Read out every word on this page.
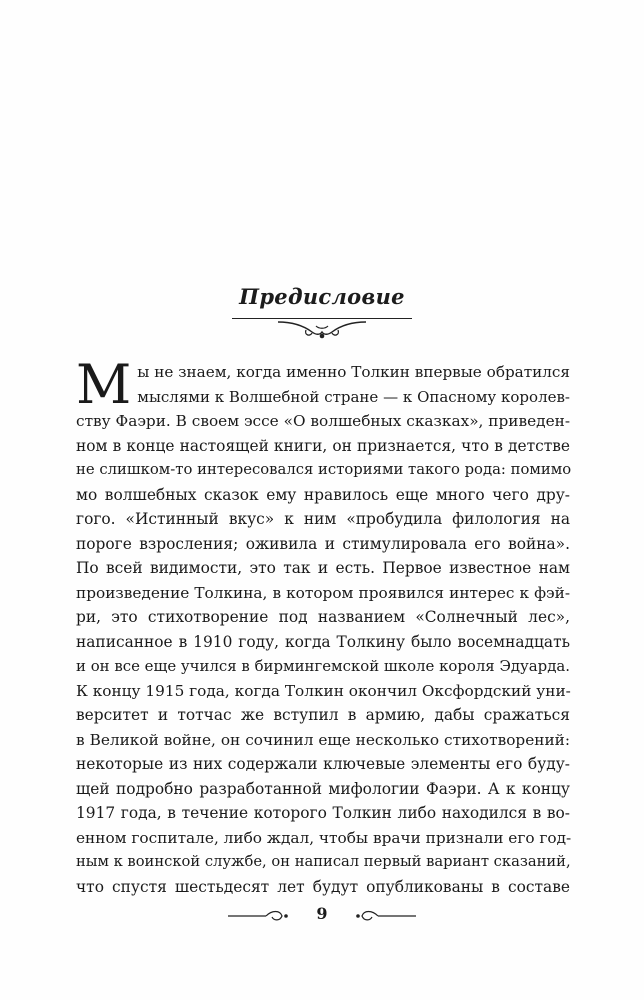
Предисловие
М ы не знаем, когда именно Толкин впервые обратился
мыслями к Волшебной стране — к Опасному королев-
ству Фаэри. В своем эссе «О волшебных сказках», приведен-
ном в конце настоящей книги, он признается, что в детстве
не слишком-то интересовался историями такого рода: помимо
мо волшебных сказок ему нравилось еще много чего дру-
гого. «Истинный вкус» к ним «пробудила филология на
пороге взросления; оживила и стимулировала его война».
По всей видимости, это так и есть. Первое известное нам
произведение Толкина, в котором проявился интерес к фэй-
ри, это стихотворение под названием «Солнечный лес»,
написанное в 1910 году, когда Толкину было восемнадцать
и он все еще учился в бирмингемской школе короля Эдуарда.
К концу 1915 года, когда Толкин окончил Оксфордский уни-
верситет и тотчас же вступил в армию, дабы сражаться
в Великой войне, он сочинил еще несколько стихотворений:
некоторые из них содержали ключевые элементы его буду-
щей подробно разработанной мифологии Фаэри. А к концу
1917 года, в течение которого Толкин либо находился в во-
енном госпитале, либо ждал, чтобы врачи признали его год-
ным к воинской службе, он написал первый вариант сказаний,
что спустя шестьдесят лет будут опубликованы в составе
9
